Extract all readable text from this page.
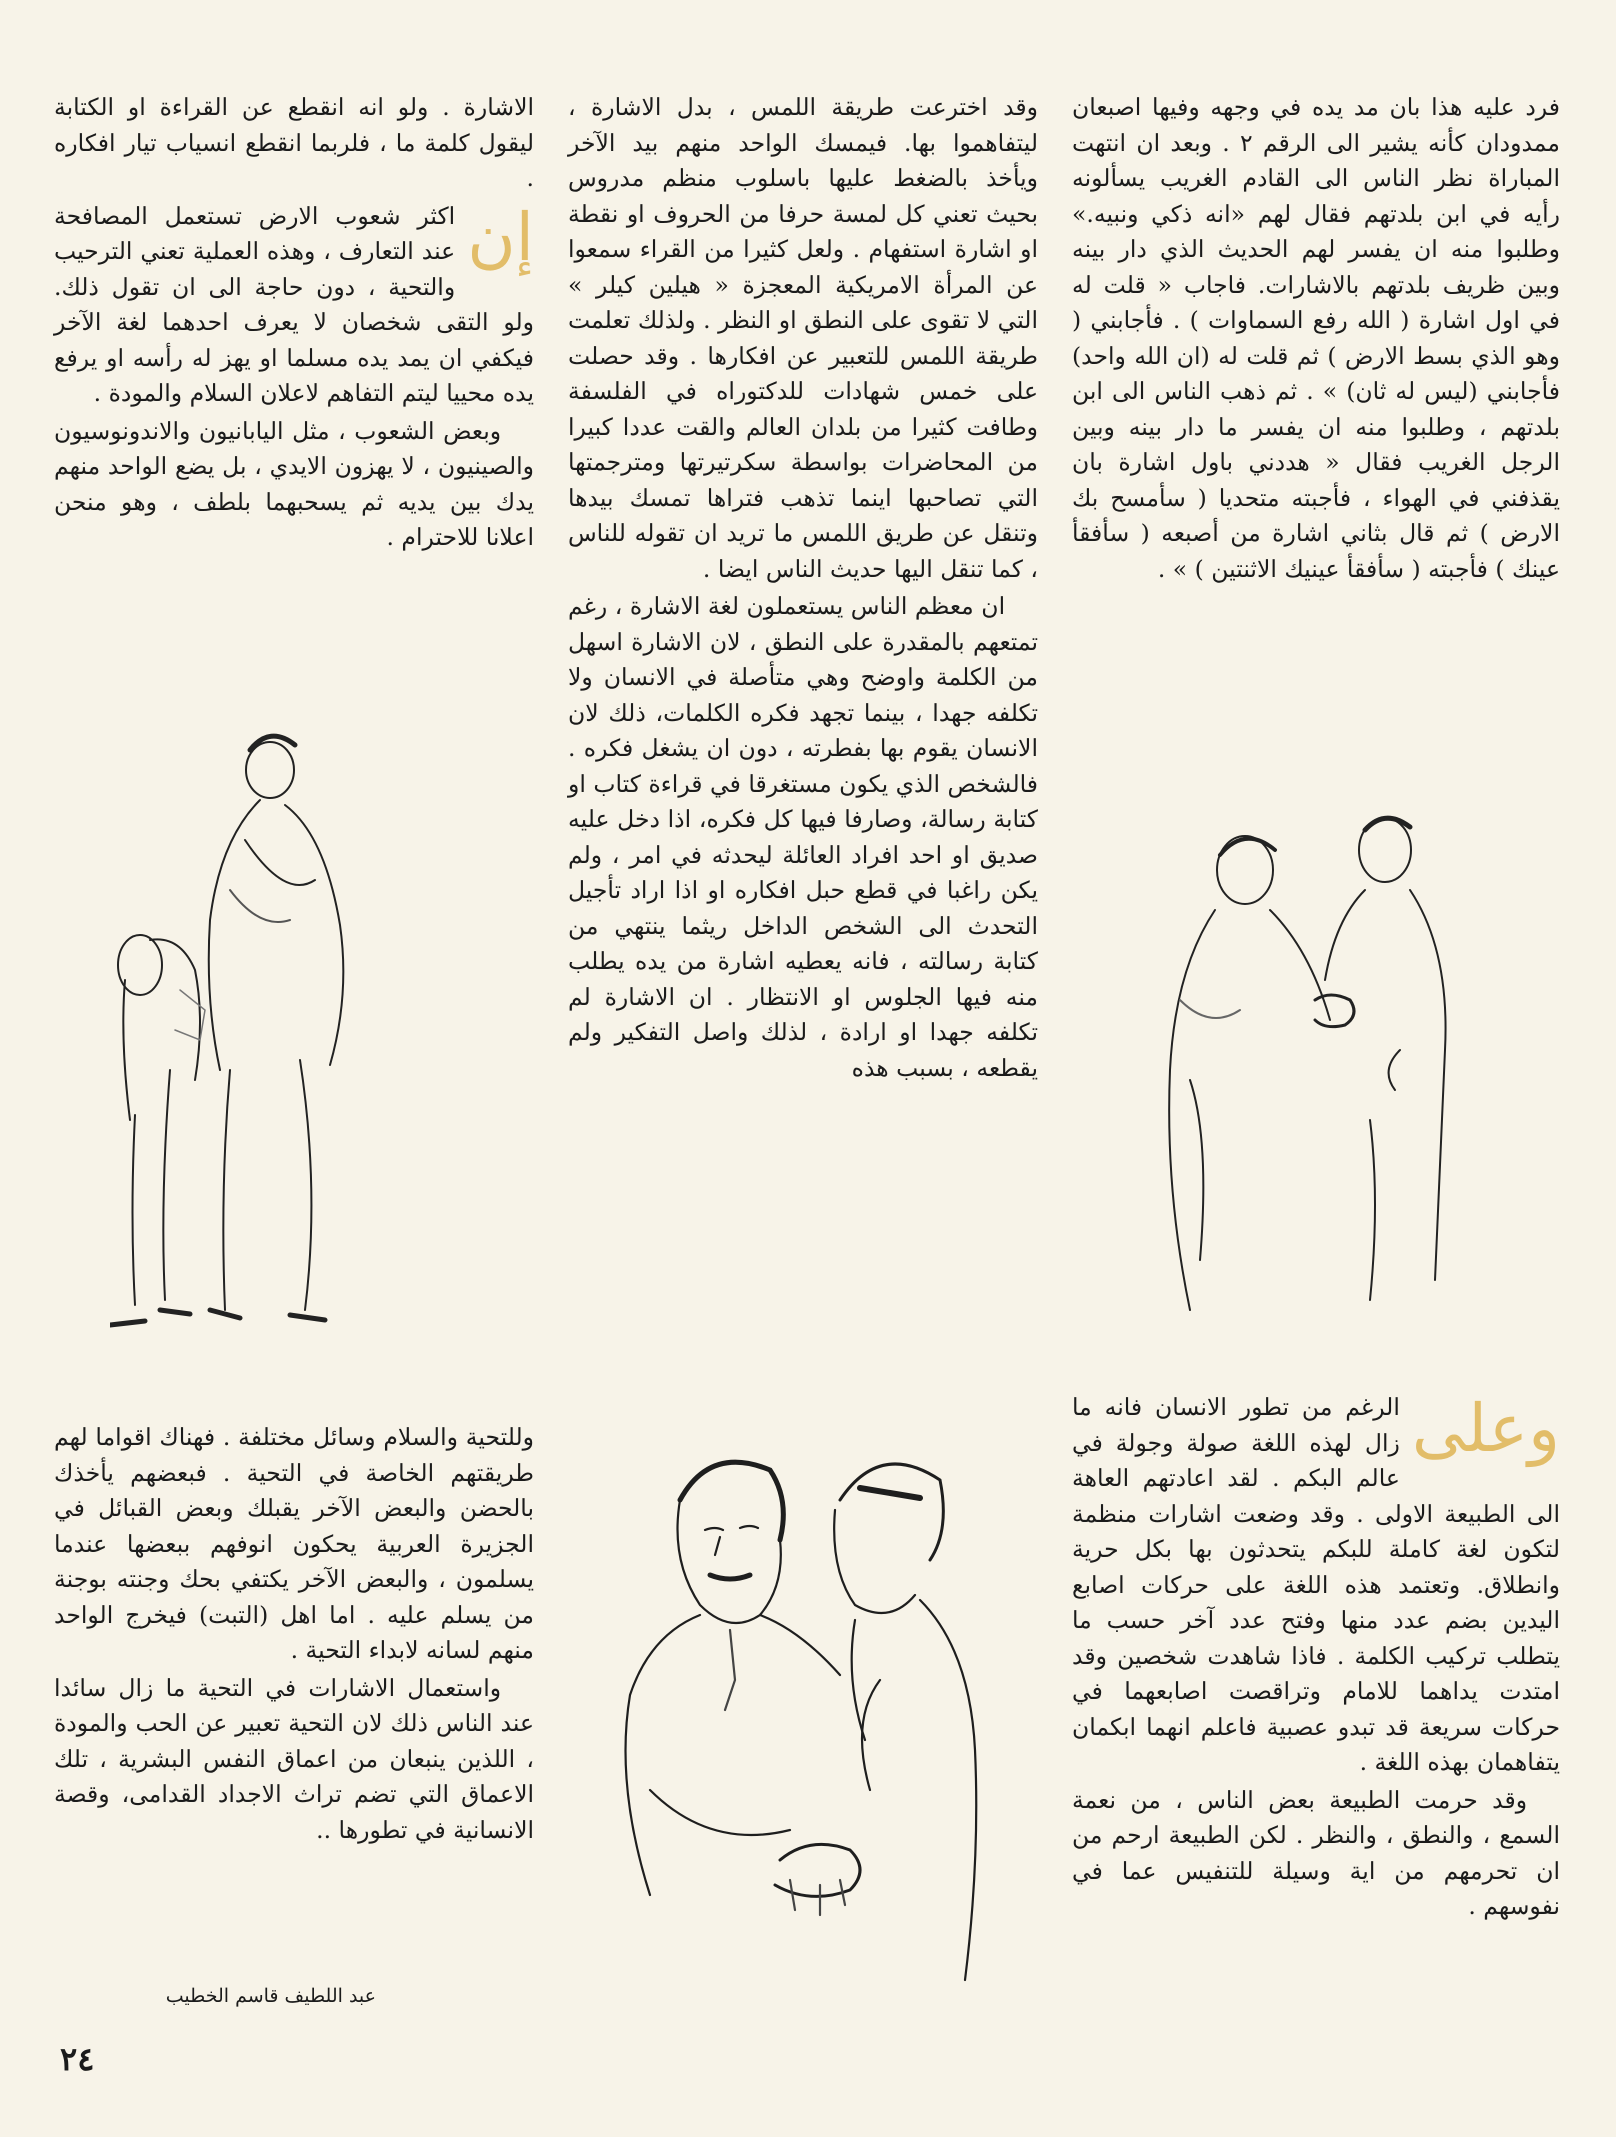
فرد عليه هذا بان مد يده في وجهه وفيها اصبعان ممدودان كأنه يشير الى الرقم ٢ . وبعد ان انتهت المباراة نظر الناس الى القادم الغريب يسألونه رأيه في ابن بلدتهم فقال لهم «انه ذكي ونبيه.» وطلبوا منه ان يفسر لهم الحديث الذي دار بينه وبين ظريف بلدتهم بالاشارات. فاجاب « قلت له في اول اشارة ( الله رفع السماوات ) . فأجابني ( وهو الذي بسط الارض ) ثم قلت له (ان الله واحد) فأجابني (ليس له ثان) » . ثم ذهب الناس الى ابن بلدتهم ، وطلبوا منه ان يفسر ما دار بينه وبين الرجل الغريب فقال « هددني باول اشارة بان يقذفني في الهواء ، فأجبته متحديا ( سأمسح بك الارض ) ثم قال بثاني اشارة من أصبعه ( سأفقأ عينك ) فأجبته ( سأفقأ عينيك الاثنتين ) » .

وقد اخترعت طريقة اللمس ، بدل الاشارة ، ليتفاهموا بها. فيمسك الواحد منهم بيد الآخر ويأخذ بالضغط عليها باسلوب منظم مدروس بحيث تعني كل لمسة حرفا من الحروف او نقطة او اشارة استفهام . ولعل كثيرا من القراء سمعوا عن المرأة الامريكية المعجزة « هيلين كيلر » التي لا تقوى على النطق او النظر . ولذلك تعلمت طريقة اللمس للتعبير عن افكارها . وقد حصلت على خمس شهادات للدكتوراه في الفلسفة وطافت كثيرا من بلدان العالم والقت عددا كبيرا من المحاضرات بواسطة سكرتيرتها ومترجمتها التي تصاحبها اينما تذهب فتراها تمسك بيدها وتنقل عن طريق اللمس ما تريد ان تقوله للناس ، كما تنقل اليها حديث الناس ايضا .

ان معظم الناس يستعملون لغة الاشارة ، رغم تمتعهم بالمقدرة على النطق ، لان الاشارة اسهل من الكلمة واوضح وهي متأصلة في الانسان ولا تكلفه جهدا ، بينما تجهد فكره الكلمات، ذلك لان الانسان يقوم بها بفطرته ، دون ان يشغل فكره . فالشخص الذي يكون مستغرقا في قراءة كتاب او كتابة رسالة، وصارفا فيها كل فكره، اذا دخل عليه صديق او احد افراد العائلة ليحدثه في امر ، ولم يكن راغبا في قطع حبل افكاره او اذا اراد تأجيل التحدث الى الشخص الداخل ريثما ينتهي من كتابة رسالته ، فانه يعطيه اشارة من يده يطلب منه فيها الجلوس او الانتظار . ان الاشارة لم تكلفه جهدا او ارادة ، لذلك واصل التفكير ولم يقطعه ، بسبب هذه

الاشارة . ولو انه انقطع عن القراءة او الكتابة ليقول كلمة ما ، فلربما انقطع انسياب تيار افكاره .

إن
اكثر شعوب الارض تستعمل المصافحة عند التعارف ، وهذه العملية تعني الترحيب والتحية ، دون حاجة الى ان تقول ذلك. ولو التقى شخصان لا يعرف احدهما لغة الآخر فيكفي ان يمد يده مسلما او يهز له رأسه او يرفع يده محييا ليتم التفاهم لاعلان السلام والمودة .

وبعض الشعوب ، مثل اليابانيون والاندونوسيون والصينيون ، لا يهزون الايدي ، بل يضع الواحد منهم يدك بين يديه ثم يسحبهما بلطف ، وهو منحن اعلانا للاحترام .

وعلى
الرغم من تطور الانسان فانه ما زال لهذه اللغة صولة وجولة في عالم البكم . لقد اعادتهم العاهة الى الطبيعة الاولى . وقد وضعت اشارات منظمة لتكون لغة كاملة للبكم يتحدثون بها بكل حرية وانطلاق. وتعتمد هذه اللغة على حركات اصابع اليدين بضم عدد منها وفتح عدد آخر حسب ما يتطلب تركيب الكلمة . فاذا شاهدت شخصين وقد امتدت يداهما للامام وتراقصت اصابعهما في حركات سريعة قد تبدو عصبية فاعلم انهما ابكمان يتفاهمان بهذه اللغة .

وقد حرمت الطبيعة بعض الناس ، من نعمة السمع ، والنطق ، والنظر . لكن الطبيعة ارحم من ان تحرمهم من اية وسيلة للتنفيس عما في نفوسهم .

وللتحية والسلام وسائل مختلفة . فهناك اقواما لهم طريقتهم الخاصة في التحية . فبعضهم يأخذك بالحضن والبعض الآخر يقبلك وبعض القبائل في الجزيرة العربية يحكون انوفهم ببعضها عندما يسلمون ، والبعض الآخر يكتفي بحك وجنته بوجنة من يسلم عليه . اما اهل (التبت) فيخرج الواحد منهم لسانه لابداء التحية .

واستعمال الاشارات في التحية ما زال سائدا عند الناس ذلك لان التحية تعبير عن الحب والمودة ، اللذين ينبعان من اعماق النفس البشرية ، تلك الاعماق التي تضم تراث الاجداد القدامى، وقصة الانسانية في تطورها ..

عبد اللطيف قاسم الخطيب
٢٤
